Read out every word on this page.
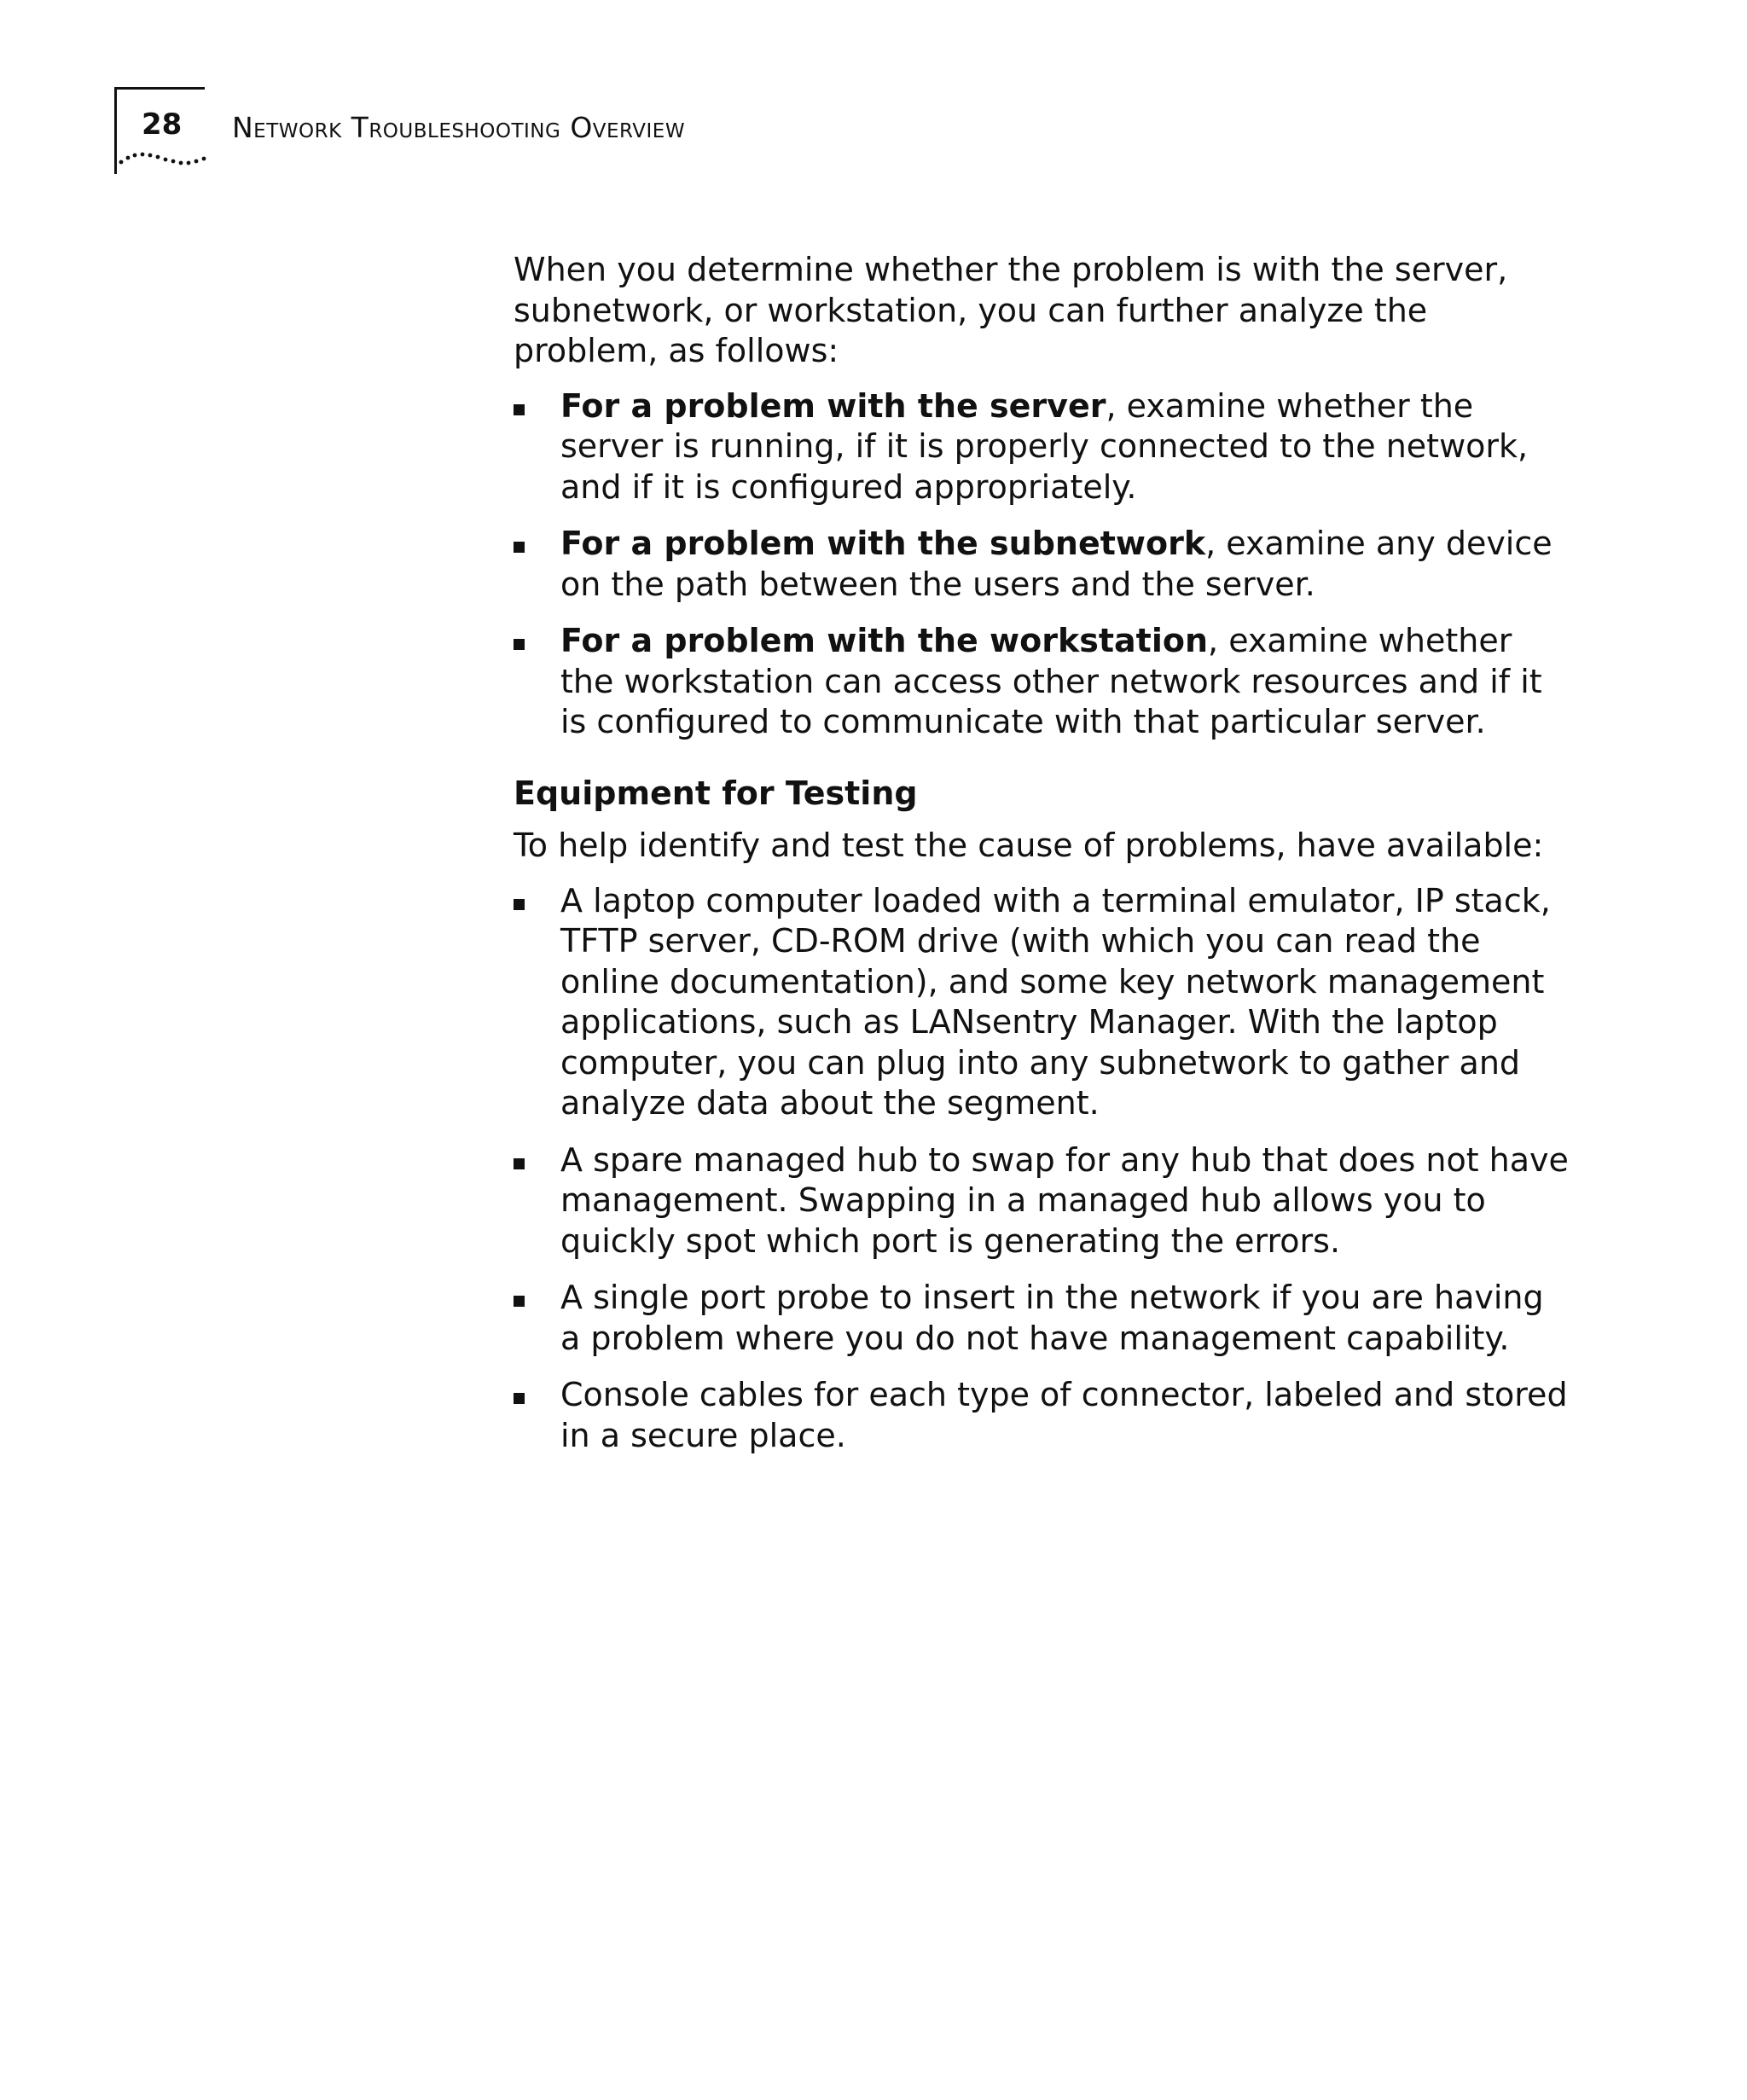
28 Network Troubleshooting Overview

When you determine whether the problem is with the server, subnetwork, or workstation, you can further analyze the problem, as follows:

For a problem with the server, examine whether the server is running, if it is properly connected to the network, and if it is configured appropriately.
For a problem with the subnetwork, examine any device on the path between the users and the server.
For a problem with the workstation, examine whether the workstation can access other network resources and if it is configured to communicate with that particular server.
Equipment for Testing

To help identify and test the cause of problems, have available:

A laptop computer loaded with a terminal emulator, IP stack, TFTP server, CD-ROM drive (with which you can read the online documentation), and some key network management applications, such as LANsentry Manager. With the laptop computer, you can plug into any subnetwork to gather and analyze data about the segment.
A spare managed hub to swap for any hub that does not have management. Swapping in a managed hub allows you to quickly spot which port is generating the errors.
A single port probe to insert in the network if you are having a problem where you do not have management capability.
Console cables for each type of connector, labeled and stored in a secure place.
